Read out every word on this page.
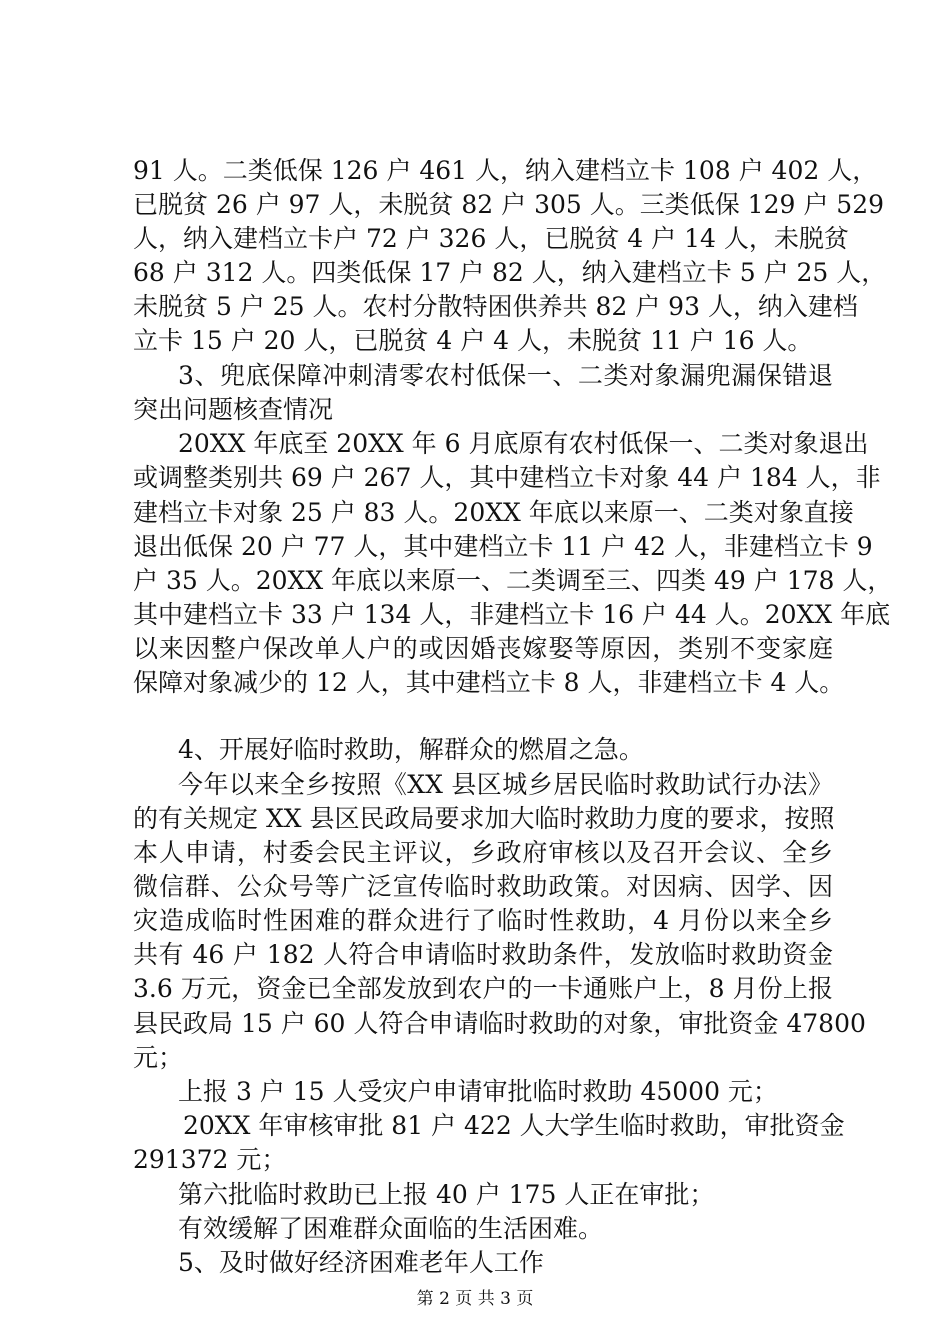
91 人。二类低保 126 户 461 人，纳入建档立卡 108 户 402 人，
已脱贫 26 户 97 人，未脱贫 82 户 305 人。三类低保 129 户 529
人，纳入建档立卡户 72 户 326 人，已脱贫 4 户 14 人，未脱贫
68 户 312 人。四类低保 17 户 82 人，纳入建档立卡 5 户 25 人，
未脱贫 5 户 25 人。农村分散特困供养共 82 户 93 人，纳入建档
立卡 15 户 20 人，已脱贫 4 户 4 人，未脱贫 11 户 16 人。
3、兜底保障冲刺清零农村低保一、二类对象漏兜漏保错退
突出问题核查情况
20XX 年底至 20XX 年 6 月底原有农村低保一、二类对象退出
或调整类别共 69 户 267 人，其中建档立卡对象 44 户 184 人，非
建档立卡对象 25 户 83 人。20XX 年底以来原一、二类对象直接
退出低保 20 户 77 人，其中建档立卡 11 户 42 人，非建档立卡 9
户 35 人。20XX 年底以来原一、二类调至三、四类 49 户 178 人，
其中建档立卡 33 户 134 人，非建档立卡 16 户 44 人。20XX 年底
以来因整户保改单人户的或因婚丧嫁娶等原因，类别不变家庭
保障对象减少的 12 人，其中建档立卡 8 人，非建档立卡 4 人。
4、开展好临时救助，解群众的燃眉之急。
今年以来全乡按照《XX 县区城乡居民临时救助试行办法》
的有关规定 XX 县区民政局要求加大临时救助力度的要求，按照
本人申请，村委会民主评议，乡政府审核以及召开会议、全乡
微信群、公众号等广泛宣传临时救助政策。对因病、因学、因
灾造成临时性困难的群众进行了临时性救助，4 月份以来全乡
共有 46 户 182 人符合申请临时救助条件，发放临时救助资金
3.6 万元，资金已全部发放到农户的一卡通账户上，8 月份上报
县民政局 15 户 60 人符合申请临时救助的对象，审批资金 47800
元；
上报 3 户 15 人受灾户申请审批临时救助 45000 元；
20XX 年审核审批 81 户 422 人大学生临时救助，审批资金
291372 元；
第六批临时救助已上报 40 户 175 人正在审批；
有效缓解了困难群众面临的生活困难。
5、及时做好经济困难老年人工作
第 2 页 共 3 页
